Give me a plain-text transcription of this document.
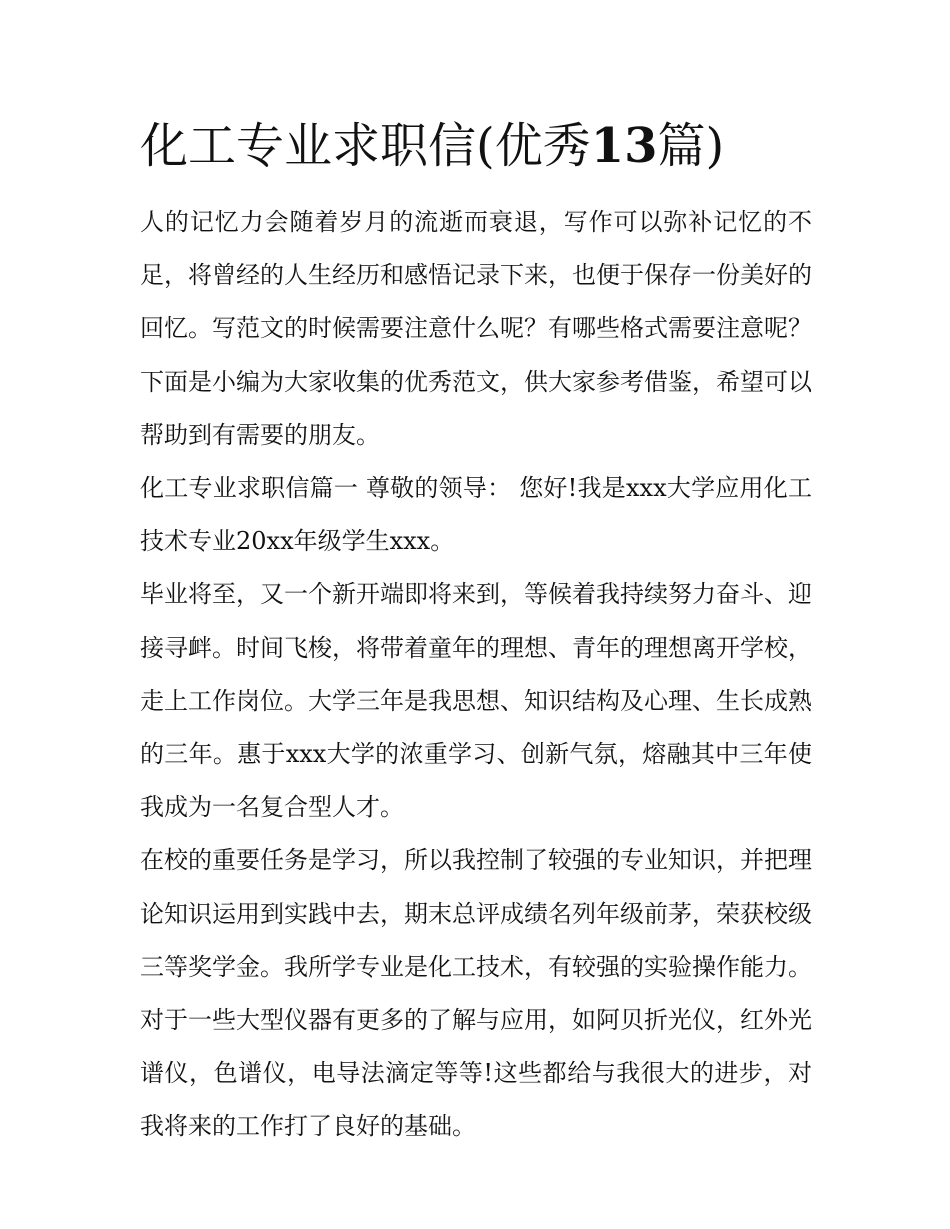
化工专业求职信(优秀13篇)

人的记忆力会随着岁月的流逝而衰退，写作可以弥补记忆的不足，将曾经的人生经历和感悟记录下来，也便于保存一份美好的回忆。写范文的时候需要注意什么呢？有哪些格式需要注意呢？下面是小编为大家收集的优秀范文，供大家参考借鉴，希望可以帮助到有需要的朋友。

化工专业求职信篇一 尊敬的领导： 您好!我是xxx大学应用化工技术专业20xx年级学生xxx。

毕业将至，又一个新开端即将来到，等候着我持续努力奋斗、迎接寻衅。时间飞梭，将带着童年的理想、青年的理想离开学校，走上工作岗位。大学三年是我思想、知识结构及心理、生长成熟的三年。惠于xxx大学的浓重学习、创新气氛，熔融其中三年使我成为一名复合型人才。

在校的重要任务是学习，所以我控制了较强的专业知识，并把理论知识运用到实践中去，期末总评成绩名列年级前茅，荣获校级三等奖学金。我所学专业是化工技术，有较强的实验操作能力。对于一些大型仪器有更多的了解与应用，如阿贝折光仪，红外光谱仪，色谱仪，电导法滴定等等!这些都给与我很大的进步，对我将来的工作打了良好的基础。
